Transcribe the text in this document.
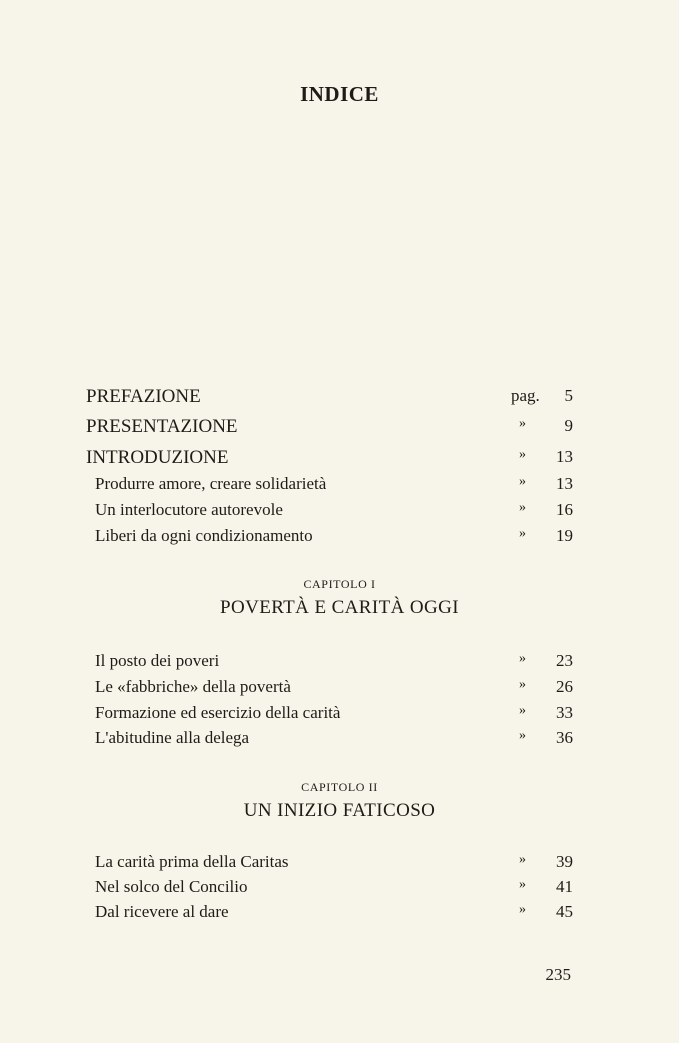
INDICE
PREFAZIONE	pag. 5
PRESENTAZIONE	» 9
INTRODUZIONE	» 13
Produrre amore, creare solidarietà	» 13
Un interlocutore autorevole	» 16
Liberi da ogni condizionamento	» 19
CAPITOLO I
POVERTÀ E CARITÀ OGGI
Il posto dei poveri	» 23
Le «fabbriche» della povertà	» 26
Formazione ed esercizio della carità	» 33
L'abitudine alla delega	» 36
CAPITOLO II
UN INIZIO FATICOSO
La carità prima della Caritas	» 39
Nel solco del Concilio	» 41
Dal ricevere al dare	» 45
235
